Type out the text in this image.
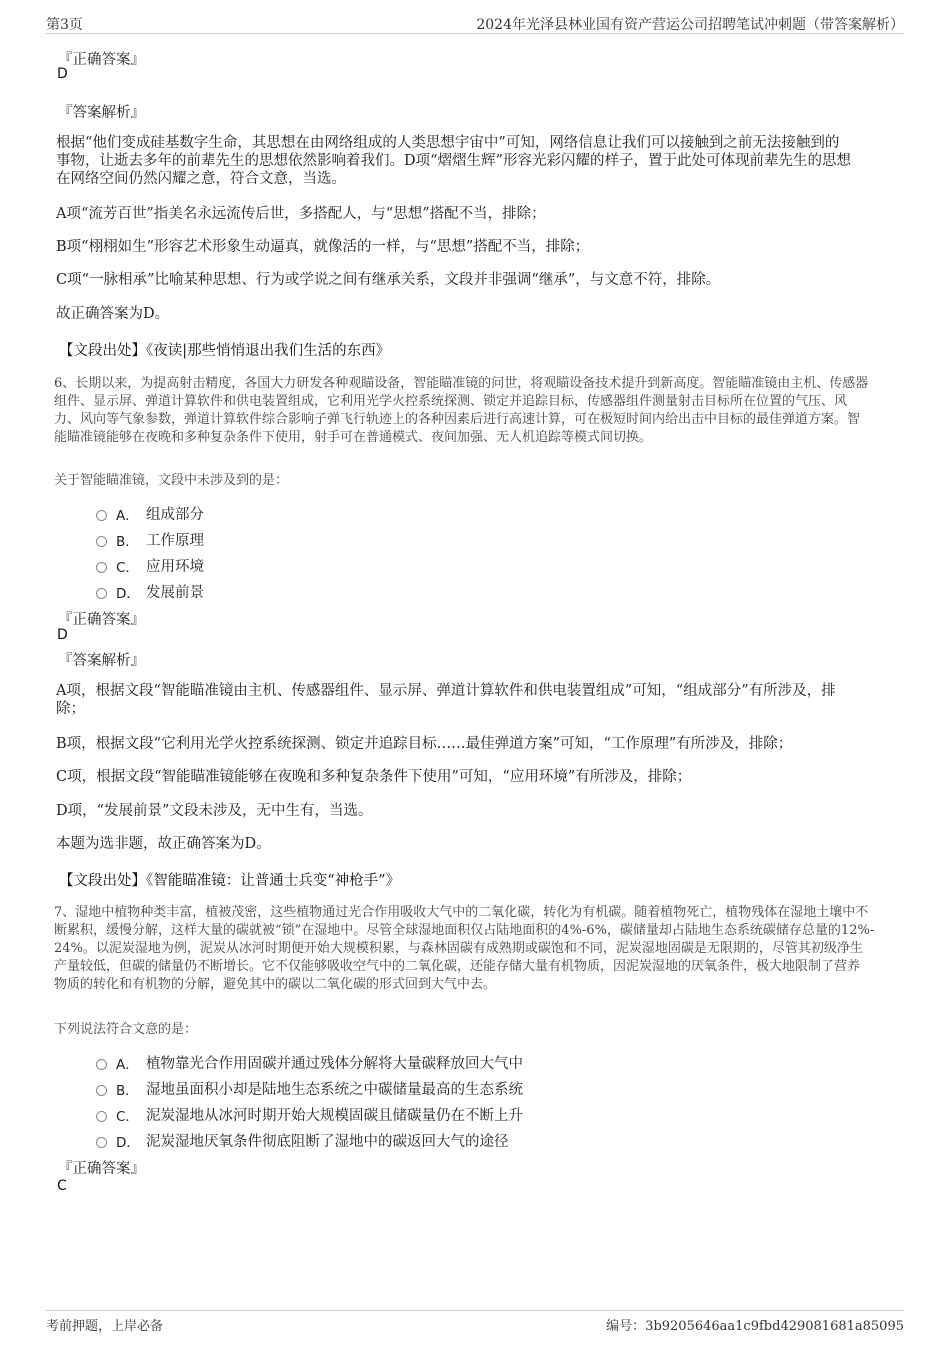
第3页	2024年光泽县林业国有资产营运公司招聘笔试冲刺题（带答案解析）
『正确答案』
D
『答案解析』
根据“他们变成硅基数字生命，其思想在由网络组成的人类思想宇宙中”可知，网络信息让我们可以接触到之前无法接触到的
事物，让逝去多年的前辈先生的思想依然影响着我们。D项“熠熠生辉”形容光彩闪耀的样子，置于此处可体现前辈先生的思想
在网络空间仍然闪耀之意，符合文意，当选。
A项“流芳百世”指美名永远流传后世，多搭配人，与“思想”搭配不当，排除；
B项“栩栩如生”形容艺术形象生动逼真，就像活的一样，与“思想”搭配不当，排除；
C项“一脉相承”比喻某种思想、行为或学说之间有继承关系，文段并非强调“继承”，与文意不符，排除。
故正确答案为D。
【文段出处】《夜读|那些悄悄退出我们生活的东西》
6、长期以来，为提高射击精度，各国大力研发各种观瞄设备，智能瞄准镜的问世，将观瞄设备技术提升到新高度。智能瞄准镜由主机、传感器
组件、显示屏、弹道计算软件和供电装置组成，它利用光学火控系统探测、锁定并追踪目标，传感器组件测量射击目标所在位置的气压、风
力、风向等气象参数，弹道计算软件综合影响子弹飞行轨迹上的各种因素后进行高速计算，可在极短时间内给出击中目标的最佳弹道方案。智
能瞄准镜能够在夜晚和多种复杂条件下使用，射手可在普通模式、夜间加强、无人机追踪等模式间切换。
关于智能瞄准镜，文段中未涉及到的是：
A． 组成部分
B． 工作原理
C． 应用环境
D． 发展前景
『正确答案』
D
『答案解析』
A项，根据文段“智能瞄准镜由主机、传感器组件、显示屏、弹道计算软件和供电装置组成”可知，“组成部分”有所涉及，排
除；
B项，根据文段“它利用光学火控系统探测、锁定并追踪目标……最佳弹道方案”可知，“工作原理”有所涉及，排除；
C项，根据文段“智能瞄准镜能够在夜晚和多种复杂条件下使用”可知，“应用环境”有所涉及，排除；
D项，“发展前景”文段未涉及，无中生有，当选。
本题为选非题，故正确答案为D。
【文段出处】《智能瞄准镜：让普通士兵变“神枪手”》
7、湿地中植物种类丰富，植被茂密，这些植物通过光合作用吸收大气中的二氧化碳，转化为有机碳。随着植物死亡，植物残体在湿地土壤中不
断累积，缓慢分解，这样大量的碳就被“锁”在湿地中。尽管全球湿地面积仅占陆地面积的4%-6%，碳储量却占陆地生态系统碳储存总量的12%-
24%。以泥炭湿地为例，泥炭从冰河时期便开始大规模积累，与森林固碳有成熟期或碳饱和不同，泥炭湿地固碳是无限期的，尽管其初级净生
产量较低，但碳的储量仍不断增长。它不仅能够吸收空气中的二氧化碳，还能存储大量有机物质，因泥炭湿地的厌氧条件，极大地限制了营养
物质的转化和有机物的分解，避免其中的碳以二氧化碳的形式回到大气中去。
下列说法符合文意的是：
A． 植物靠光合作用固碳并通过残体分解将大量碳释放回大气中
B． 湿地虽面积小却是陆地生态系统之中碳储量最高的生态系统
C． 泥炭湿地从冰河时期开始大规模固碳且储碳量仍在不断上升
D． 泥炭湿地厌氧条件彻底阻断了湿地中的碳返回大气的途径
『正确答案』
C
考前押题，上岸必备	编号：3b9205646aa1c9fbd429081681a85095
